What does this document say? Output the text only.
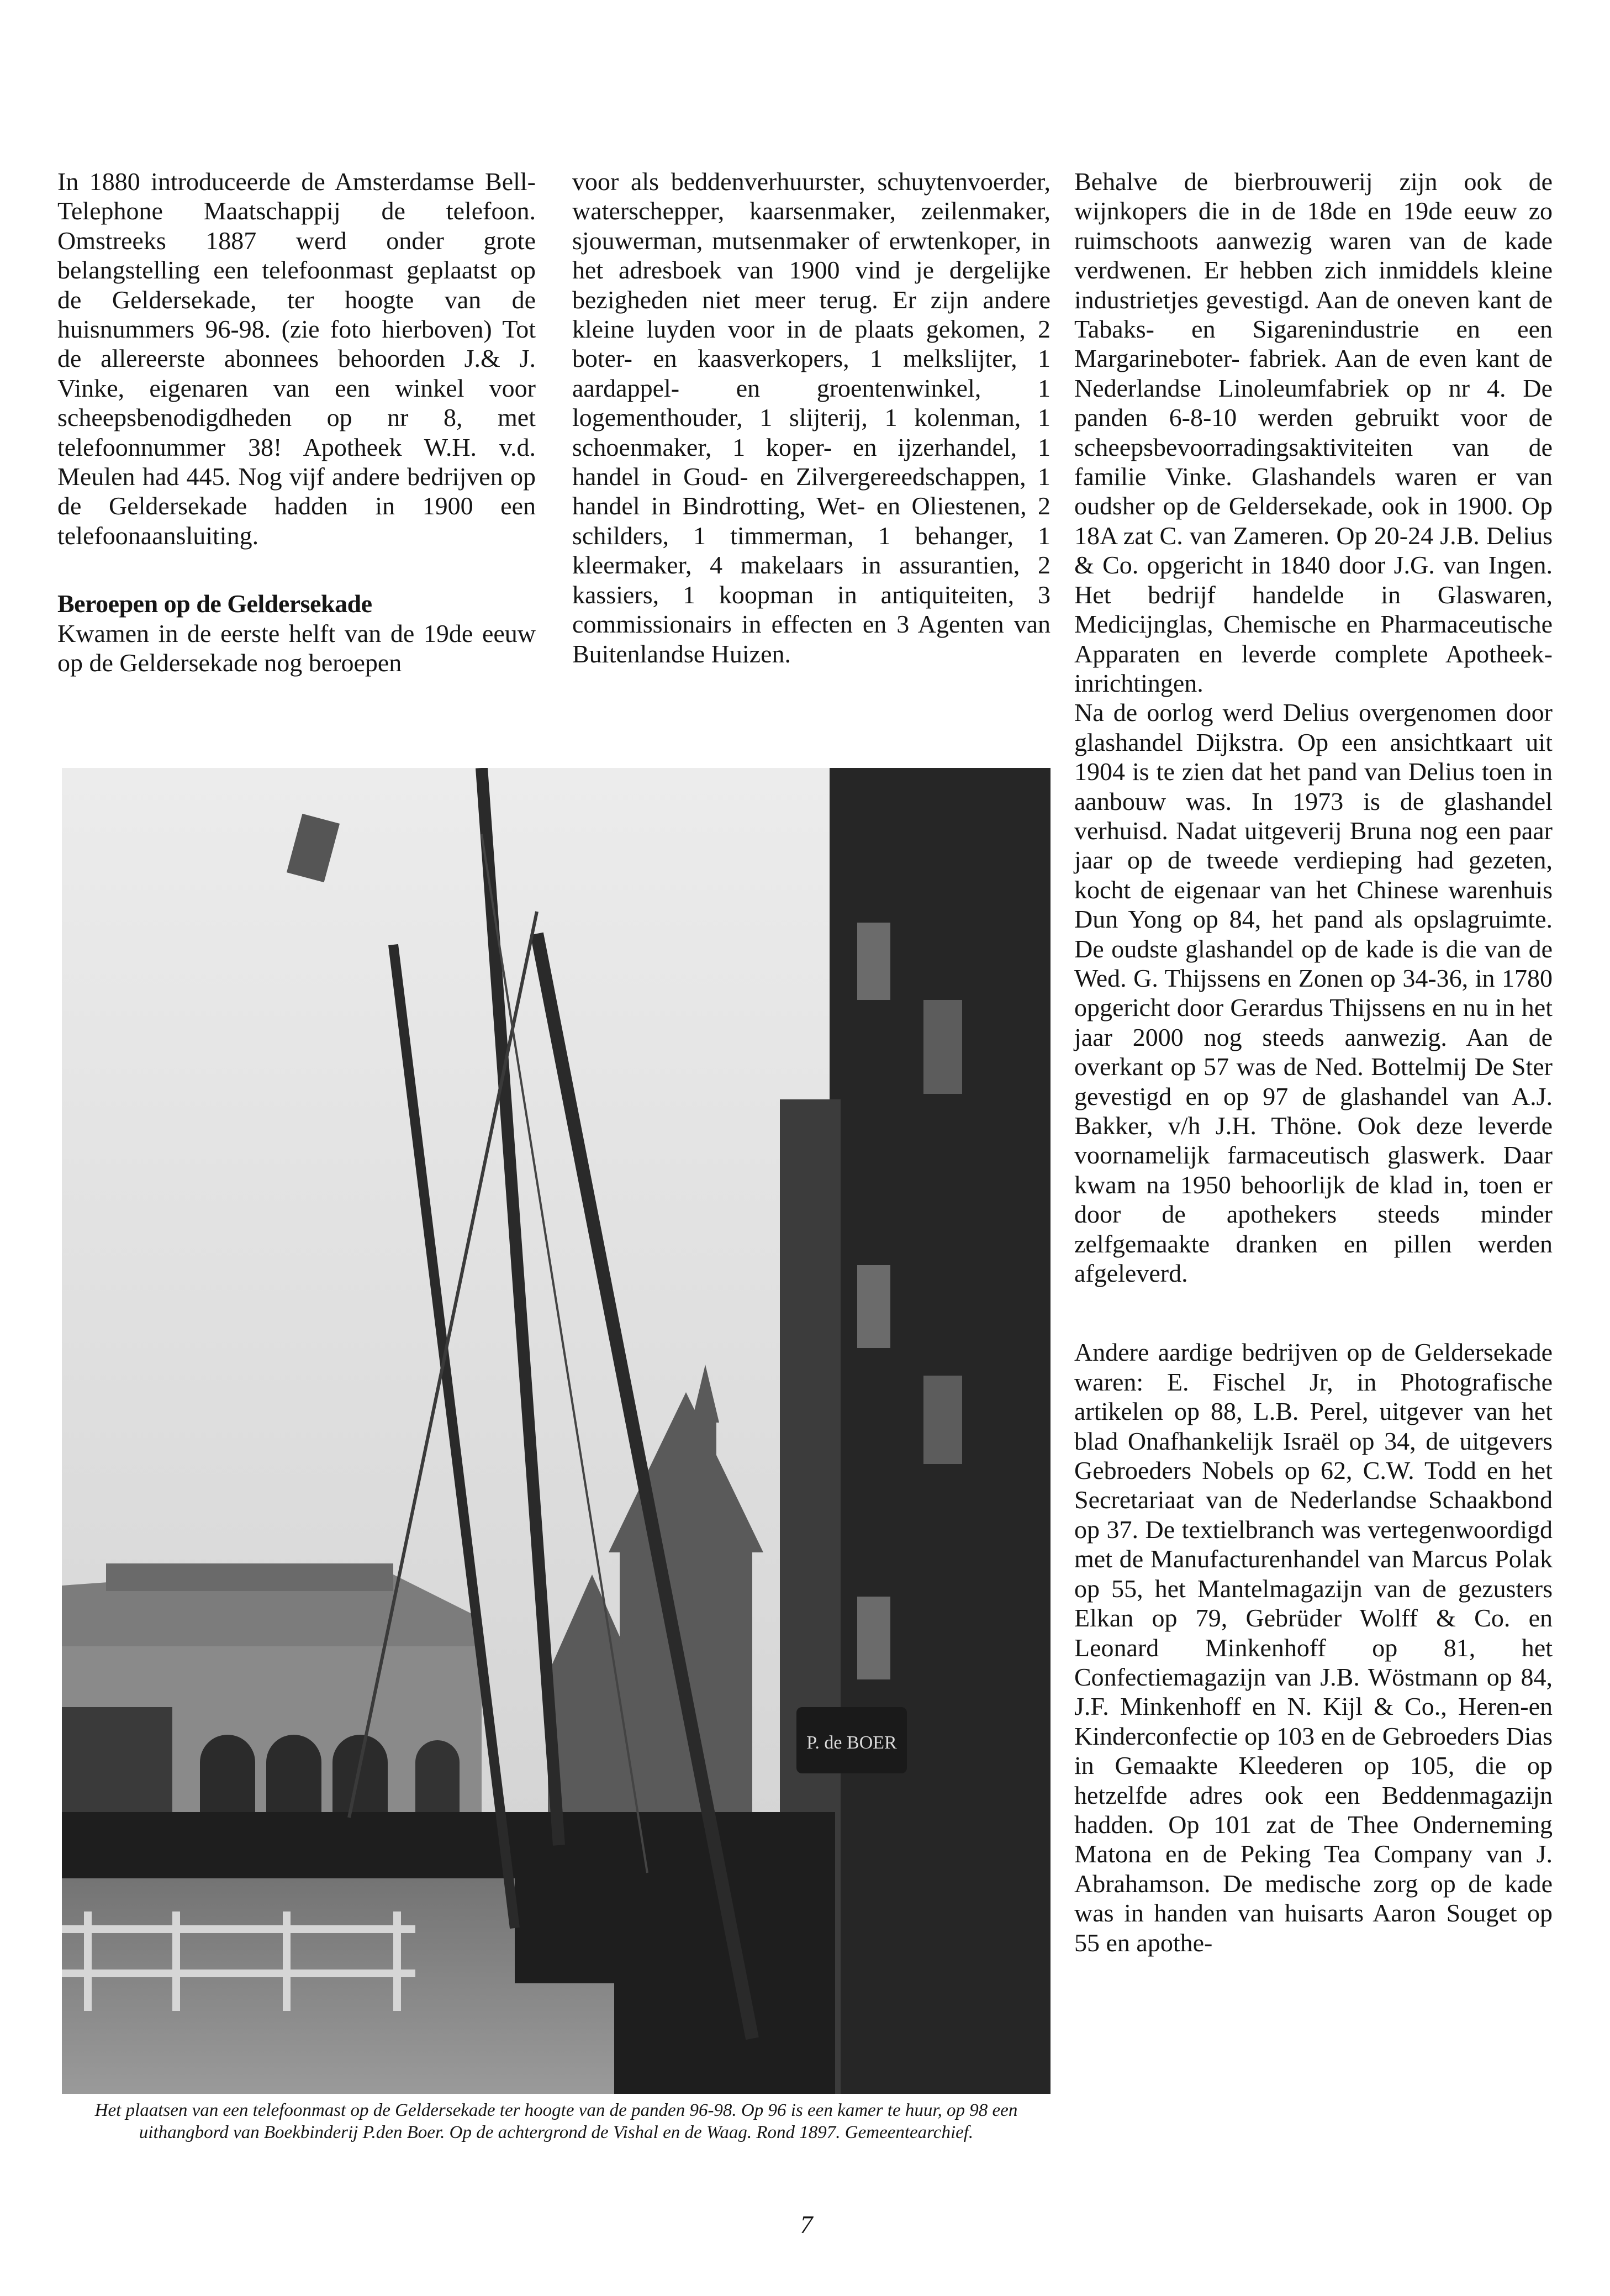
In 1880 introduceerde de Amsterdamse Bell-Telephone Maatschappij de telefoon. Omstreeks 1887 werd onder grote belangstelling een telefoonmast geplaatst op de Geldersekade, ter hoogte van de huisnummers 96-98. (zie foto hierboven) Tot de allereerste abonnees behoorden J.& J. Vinke, eigenaren van een winkel voor scheepsbenodigdheden op nr 8, met telefoonnummer 38! Apotheek W.H. v.d. Meulen had 445. Nog vijf andere bedrijven op de Geldersekade hadden in 1900 een telefoonaansluiting.

Beroepen op de Geldersekade

Kwamen in de eerste helft van de 19de eeuw op de Geldersekade nog beroepen

voor als beddenverhuurster, schuytenvoerder, waterschepper, kaarsenmaker, zeilenmaker, sjouwerman, mutsenmaker of erwtenkoper, in het adresboek van 1900 vind je dergelijke bezigheden niet meer terug. Er zijn andere kleine luyden voor in de plaats gekomen, 2 boter- en kaasverkopers, 1 melkslijter, 1 aardappel- en groentenwinkel, 1 logementhouder, 1 slijterij, 1 kolenman, 1 schoenmaker, 1 koper- en ijzerhandel, 1 handel in Goud- en Zilvergereedschappen, 1 handel in Bindrotting, Wet- en Oliestenen, 2 schilders, 1 timmerman, 1 behanger, 1 kleermaker, 4 makelaars in assurantien, 2 kassiers, 1 koopman in antiquiteiten, 3 commissionairs in effecten en 3 Agenten van Buitenlandse Huizen.

Behalve de bierbrouwerij zijn ook de wijnkopers die in de 18de en 19de eeuw zo ruimschoots aanwezig waren van de kade verdwenen. Er hebben zich inmiddels kleine industrietjes gevestigd. Aan de oneven kant de Tabaks- en Sigarenindustrie en een Margarineboter- fabriek. Aan de even kant de Nederlandse Linoleumfabriek op nr 4. De panden 6-8-10 werden gebruikt voor de scheepsbevoorradingsaktiviteiten van de familie Vinke. Glashandels waren er van oudsher op de Geldersekade, ook in 1900. Op 18A zat C. van Zameren. Op 20-24 J.B. Delius & Co. opgericht in 1840 door J.G. van Ingen. Het bedrijf handelde in Glaswaren, Medicijnglas, Chemische en Pharmaceutische Apparaten en leverde complete Apotheek-inrichtingen.

Na de oorlog werd Delius overgenomen door glashandel Dijkstra. Op een ansichtkaart uit 1904 is te zien dat het pand van Delius toen in aanbouw was. In 1973 is de glashandel verhuisd. Nadat uitgeverij Bruna nog een paar jaar op de tweede verdieping had gezeten, kocht de eigenaar van het Chinese warenhuis Dun Yong op 84, het pand als opslagruimte. De oudste glashandel op de kade is die van de Wed. G. Thijssens en Zonen op 34-36, in 1780 opgericht door Gerardus Thijssens en nu in het jaar 2000 nog steeds aanwezig. Aan de overkant op 57 was de Ned. Bottelmij De Ster gevestigd en op 97 de glashandel van A.J. Bakker, v/h J.H. Thöne. Ook deze leverde voornamelijk farmaceutisch glaswerk. Daar kwam na 1950 behoorlijk de klad in, toen er door de apothekers steeds minder zelfgemaakte dranken en pillen werden afgeleverd.

Andere aardige bedrijven op de Geldersekade waren: E. Fischel Jr, in Photografische artikelen op 88, L.B. Perel, uitgever van het blad Onafhankelijk Israël op 34, de uitgevers Gebroeders Nobels op 62, C.W. Todd en het Secretariaat van de Nederlandse Schaakbond op 37. De textielbranch was vertegenwoordigd met de Manufacturenhandel van Marcus Polak op 55, het Mantelmagazijn van de gezusters Elkan op 79, Gebrüder Wolff & Co. en Leonard Minkenhoff op 81, het Confectiemagazijn van J.B. Wöstmann op 84, J.F. Minkenhoff en N. Kijl & Co., Heren-en Kinderconfectie op 103 en de Gebroeders Dias in Gemaakte Kleederen op 105, die op hetzelfde adres ook een Beddenmagazijn hadden. Op 101 zat de Thee Onderneming Matona en de Peking Tea Company van J. Abrahamson. De medische zorg op de kade was in handen van huisarts Aaron Souget op 55 en apothe-

P. de BOER
Het plaatsen van een telefoonmast op de Geldersekade ter hoogte van de panden 96-98. Op 96 is een kamer te huur, op 98 een uithangbord van Boekbinderij P.den Boer. Op de achtergrond de Vishal en de Waag. Rond 1897. Gemeentearchief.
7
